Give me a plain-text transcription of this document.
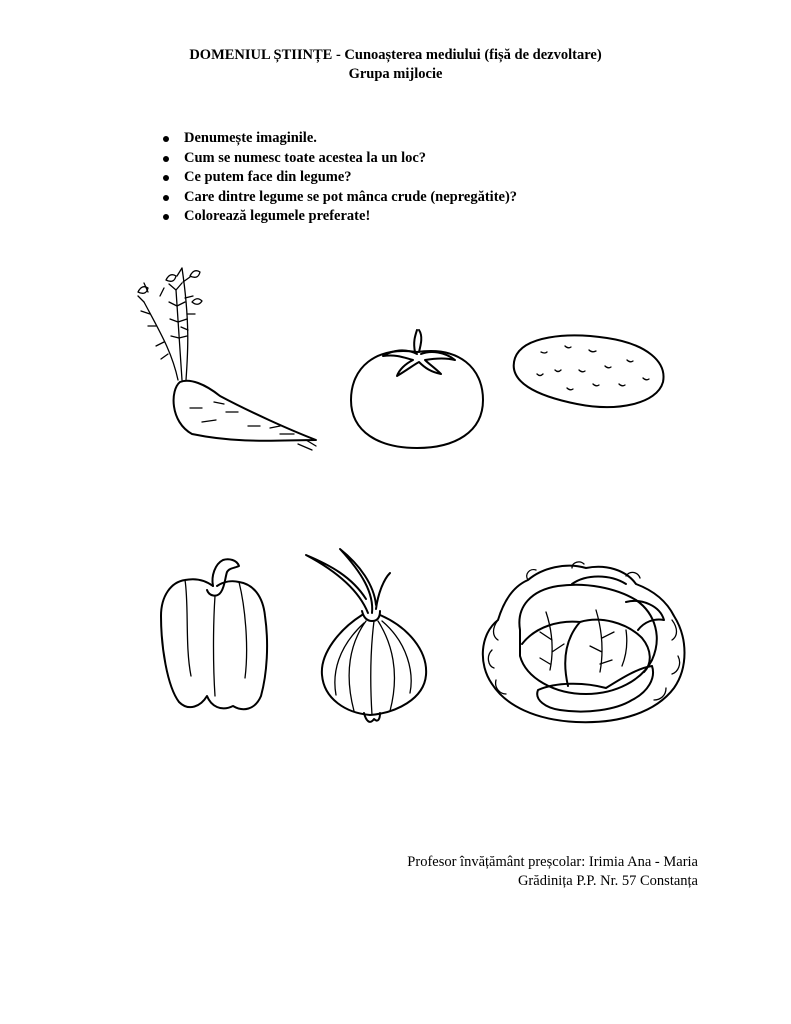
DOMENIUL ȘTIINȚE - Cunoașterea mediului (fișă de dezvoltare)
Grupa mijlocie
Denumește imaginile.
Cum se numesc toate acestea la un loc?
Ce putem face din legume?
Care dintre legume se pot mânca crude (nepregătite)?
Colorează legumele preferate!
Profesor învățământ preșcolar: Irimia Ana - Maria
Grădinița P.P. Nr. 57 Constanța
